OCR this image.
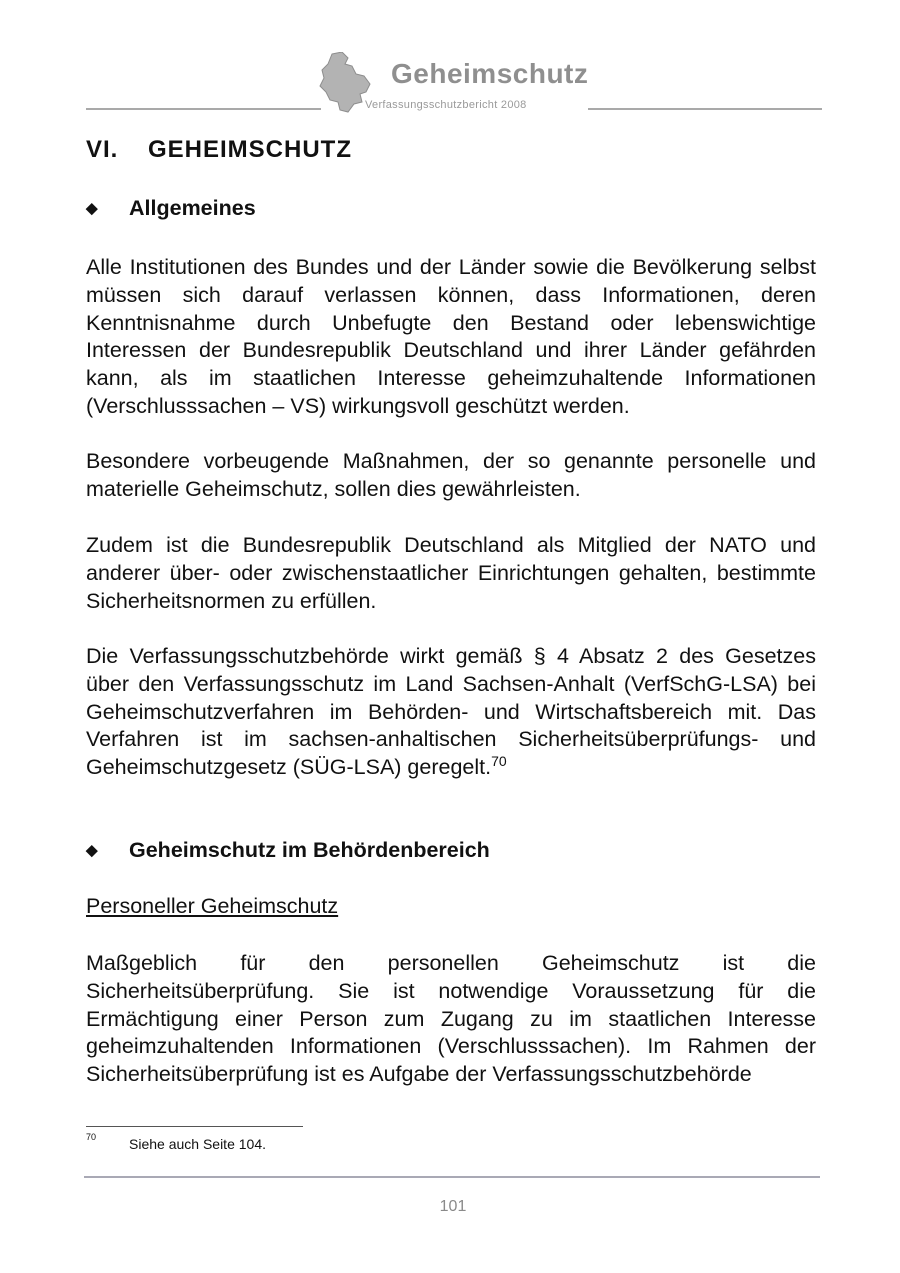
Geheimschutz
Verfassungsschutzbericht 2008
VI. GEHEIMSCHUTZ
◆ Allgemeines

Alle Institutionen des Bundes und der Länder sowie die Bevölkerung selbst müssen sich darauf verlassen können, dass Informationen, deren Kenntnisnahme durch Unbefugte den Bestand oder lebenswichtige Interessen der Bundesrepublik Deutschland und ihrer Länder gefährden kann, als im staatlichen Interesse geheimzuhaltende Informationen (Verschlusssachen – VS) wirkungsvoll geschützt werden.

Besondere vorbeugende Maßnahmen, der so genannte personelle und materielle Geheimschutz, sollen dies gewährleisten.

Zudem ist die Bundesrepublik Deutschland als Mitglied der NATO und anderer über- oder zwischenstaatlicher Einrichtungen gehalten, bestimmte Sicherheitsnormen zu erfüllen.

Die Verfassungsschutzbehörde wirkt gemäß § 4 Absatz 2 des Gesetzes über den Verfassungsschutz im Land Sachsen-Anhalt (VerfSchG-LSA) bei Geheimschutzverfahren im Behörden- und Wirtschaftsbereich mit. Das Verfahren ist im sachsen-anhaltischen Sicherheitsüberprüfungs- und Geheimschutzgesetz (SÜG-LSA) geregelt.$^{70}$

◆ Geheimschutz im Behördenbereich

Personeller Geheimschutz

Maßgeblich für den personellen Geheimschutz ist die Sicherheitsüberprüfung. Sie ist notwendige Voraussetzung für die Ermächtigung einer Person zum Zugang zu im staatlichen Interesse geheimzuhaltenden Informationen (Verschlusssachen). Im Rahmen der Sicherheitsüberprüfung ist es Aufgabe der Verfassungsschutzbehörde

70 Siehe auch Seite 104.
101
